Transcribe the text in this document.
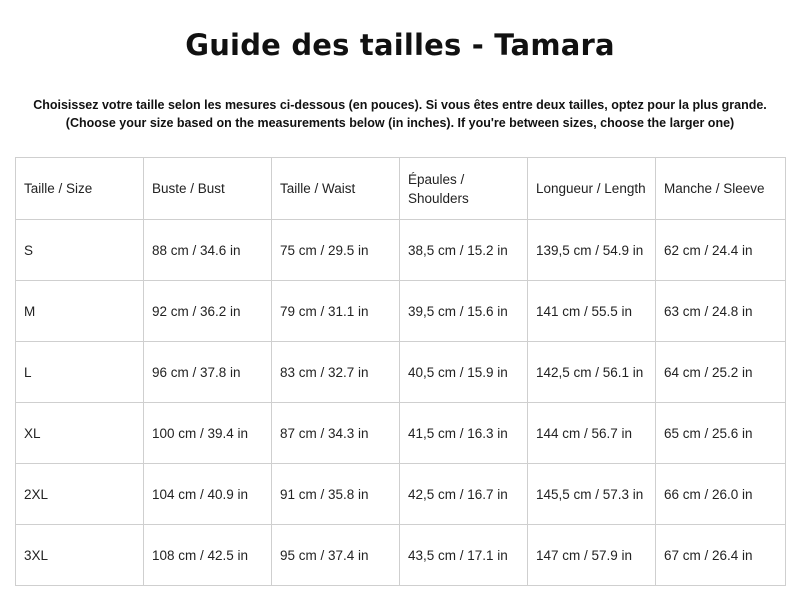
Guide des tailles - Tamara
Choisissez votre taille selon les mesures ci-dessous (en pouces). Si vous êtes entre deux tailles, optez pour la plus grande.
(Choose your size based on the measurements below (in inches). If you're between sizes, choose the larger one)
Taille / Size	Buste / Bust	Taille / Waist	Épaules / Shoulders	Longueur / Length	Manche / Sleeve
S	88 cm / 34.6 in	75 cm / 29.5 in	38,5 cm / 15.2 in	139,5 cm / 54.9 in	62 cm / 24.4 in
M	92 cm / 36.2 in	79 cm / 31.1 in	39,5 cm / 15.6 in	141 cm / 55.5 in	63 cm / 24.8 in
L	96 cm / 37.8 in	83 cm / 32.7 in	40,5 cm / 15.9 in	142,5 cm / 56.1 in	64 cm / 25.2 in
XL	100 cm / 39.4 in	87 cm / 34.3 in	41,5 cm / 16.3 in	144 cm / 56.7 in	65 cm / 25.6 in
2XL	104 cm / 40.9 in	91 cm / 35.8 in	42,5 cm / 16.7 in	145,5 cm / 57.3 in	66 cm / 26.0 in
3XL	108 cm / 42.5 in	95 cm / 37.4 in	43,5 cm / 17.1 in	147 cm / 57.9 in	67 cm / 26.4 in
